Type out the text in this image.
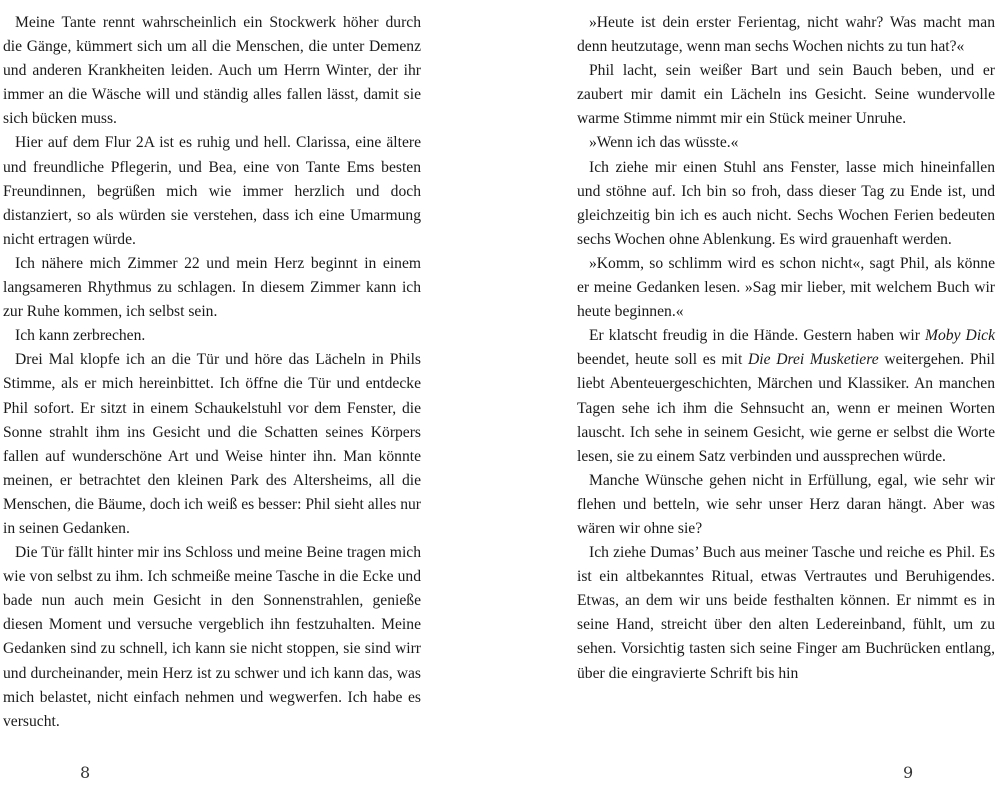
Meine Tante rennt wahrscheinlich ein Stockwerk höher durch die Gänge, kümmert sich um all die Menschen, die unter Demenz und anderen Krankheiten leiden. Auch um Herrn Winter, der ihr immer an die Wäsche will und ständig alles fallen lässt, damit sie sich bücken muss.

Hier auf dem Flur 2A ist es ruhig und hell. Clarissa, eine ältere und freundliche Pflegerin, und Bea, eine von Tante Ems besten Freundinnen, begrüßen mich wie immer herzlich und doch distanziert, so als würden sie verstehen, dass ich eine Umarmung nicht ertragen würde.

Ich nähere mich Zimmer 22 und mein Herz beginnt in einem langsameren Rhythmus zu schlagen. In diesem Zimmer kann ich zur Ruhe kommen, ich selbst sein.

Ich kann zerbrechen.

Drei Mal klopfe ich an die Tür und höre das Lächeln in Phils Stimme, als er mich hereinbittet. Ich öffne die Tür und entdecke Phil sofort. Er sitzt in einem Schaukelstuhl vor dem Fenster, die Sonne strahlt ihm ins Gesicht und die Schatten seines Körpers fallen auf wunderschöne Art und Weise hinter ihn. Man könnte meinen, er betrachtet den kleinen Park des Altersheims, all die Menschen, die Bäume, doch ich weiß es besser: Phil sieht alles nur in seinen Gedanken.

Die Tür fällt hinter mir ins Schloss und meine Beine tragen mich wie von selbst zu ihm. Ich schmeiße meine Tasche in die Ecke und bade nun auch mein Gesicht in den Sonnenstrahlen, genieße diesen Moment und versuche vergeblich ihn festzuhalten. Meine Gedanken sind zu schnell, ich kann sie nicht stoppen, sie sind wirr und durcheinander, mein Herz ist zu schwer und ich kann das, was mich belastet, nicht einfach nehmen und wegwerfen. Ich habe es versucht.

»Heute ist dein erster Ferientag, nicht wahr? Was macht man denn heutzutage, wenn man sechs Wochen nichts zu tun hat?«

Phil lacht, sein weißer Bart und sein Bauch beben, und er zaubert mir damit ein Lächeln ins Gesicht. Seine wundervolle warme Stimme nimmt mir ein Stück meiner Unruhe.

»Wenn ich das wüsste.«

Ich ziehe mir einen Stuhl ans Fenster, lasse mich hineinfallen und stöhne auf. Ich bin so froh, dass dieser Tag zu Ende ist, und gleichzeitig bin ich es auch nicht. Sechs Wochen Ferien bedeuten sechs Wochen ohne Ablenkung. Es wird grauenhaft werden.

»Komm, so schlimm wird es schon nicht«, sagt Phil, als könne er meine Gedanken lesen. »Sag mir lieber, mit welchem Buch wir heute beginnen.«

Er klatscht freudig in die Hände. Gestern haben wir Moby Dick beendet, heute soll es mit Die Drei Musketiere weitergehen. Phil liebt Abenteuergeschichten, Märchen und Klassiker. An manchen Tagen sehe ich ihm die Sehnsucht an, wenn er meinen Worten lauscht. Ich sehe in seinem Gesicht, wie gerne er selbst die Worte lesen, sie zu einem Satz verbinden und aussprechen würde.

Manche Wünsche gehen nicht in Erfüllung, egal, wie sehr wir flehen und betteln, wie sehr unser Herz daran hängt. Aber was wären wir ohne sie?

Ich ziehe Dumas’ Buch aus meiner Tasche und reiche es Phil. Es ist ein altbekanntes Ritual, etwas Vertrautes und Beruhigendes. Etwas, an dem wir uns beide festhalten können. Er nimmt es in seine Hand, streicht über den alten Ledereinband, fühlt, um zu sehen. Vorsichtig tasten sich seine Finger am Buchrücken entlang, über die eingravierte Schrift bis hin

8	9
